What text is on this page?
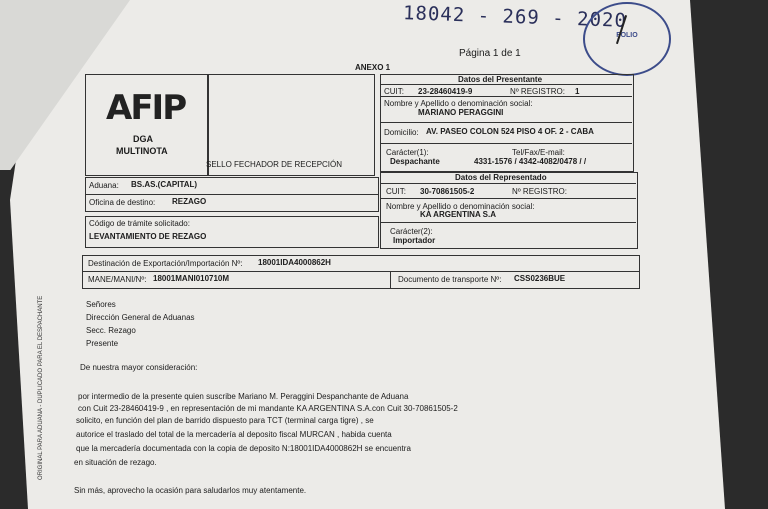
18042 - 269 - 2020
FOLIO
Página 1 de 1
ANEXO 1
AFIP
DGA
MULTINOTA
SELLO FECHADOR DE RECEPCIÓN
Datos del Presentante
CUIT: 23-28460419-9	Nº REGISTRO: 1
Nombre y Apellido o denominación social:
MARIANO PERAGGINI
Domicilio: AV. PASEO COLON 524 PISO 4 OF. 2 - CABA
Carácter(1):
Despachante
Tel/Fax/E-mail:
4331-1576 / 4342-4082/0478 / /
Aduana: BS.AS.(CAPITAL)
Oficina de destino: REZAGO
Código de trámite solicitado:
LEVANTAMIENTO DE REZAGO
Datos del Representado
CUIT: 30-70861505-2	Nº REGISTRO:
Nombre y Apellido o denominación social:
KA ARGENTINA S.A
Carácter(2):
Importador
Destinación de Exportación/Importación Nº: 18001IDA4000862H
MANE/MANI/Nº: 18001MANI010710M	Documento de transporte Nº: CSS0236BUE
Señores
Dirección General de Aduanas
Secc. Rezago
Presente
De nuestra mayor consideración:
por intermedio de la presente quien suscribe Mariano M. Peraggini Despanchante de Aduana
con Cuit 23-28460419-9 , en representación de mi mandante KA ARGENTINA S.A.con Cuit 30-70861505-2
solicito, en función del plan de barrido dispuesto para TCT (terminal carga tigre) , se
autorice el traslado del total de la mercadería al deposito fiscal MURCAN , habida cuenta
que la mercadería documentada con la copia de deposito N:18001IDA4000862H se encuentra
en situación de rezago.
Sin más, aprovecho la ocasión para saludarlos muy atentamente.
ORIGINAL PARA ADUANA - DUPLICADO PARA EL DESPACHANTE
